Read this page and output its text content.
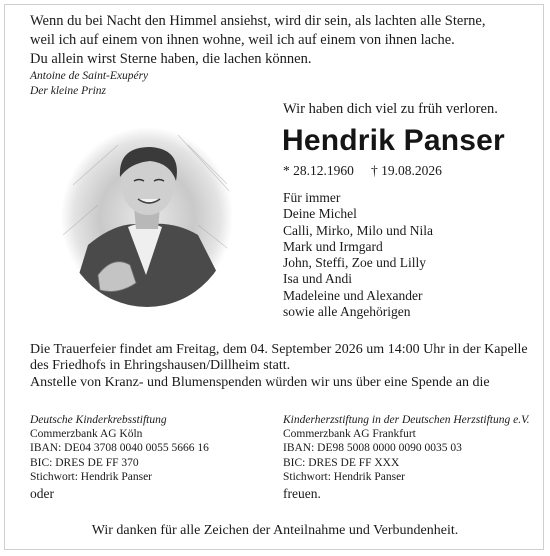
Wenn du bei Nacht den Himmel ansiehst, wird dir sein, als lachten alle Sterne,
weil ich auf einem von ihnen wohne, weil ich auf einem von ihnen lache.
Du allein wirst Sterne haben, die lachen können.
Antoine de Saint-Exupéry
Der kleine Prinz
Wir haben dich viel zu früh verloren.
Hendrik Panser
* 28.12.1960 † 19.08.2026
Für immer
Deine Michel
Calli, Mirko, Milo und Nila
Mark und Irmgard
John, Steffi, Zoe und Lilly
Isa und Andi
Madeleine und Alexander
sowie alle Angehörigen
Die Trauerfeier findet am Freitag, dem 04. September 2026 um 14:00 Uhr in der Kapelle
des Friedhofs in Ehringshausen/Dillheim statt.
Anstelle von Kranz- und Blumenspenden würden wir uns über eine Spende an die
Deutsche Kinderkrebsstiftung
Commerzbank AG Köln
IBAN: DE04 3708 0040 0055 5666 16
BIC: DRES DE FF 370
Stichwort: Hendrik Panser
oder
Kinderherzstiftung in der Deutschen Herzstiftung e.V.
Commerzbank AG Frankfurt
IBAN: DE98 5008 0000 0090 0035 03
BIC: DRES DE FF XXX
Stichwort: Hendrik Panser
freuen.
Wir danken für alle Zeichen der Anteilnahme und Verbundenheit.
